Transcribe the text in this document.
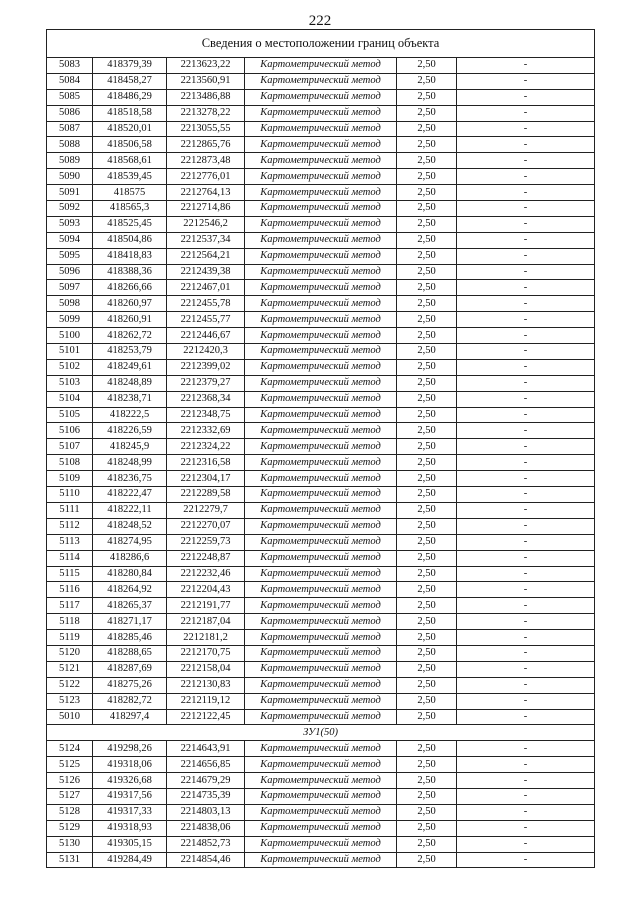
222
Сведения о местоположении границ объекта					
5083	418379,39	2213623,22	Картометрический метод	2,50	-
5084	418458,27	2213560,91	Картометрический метод	2,50	-
5085	418486,29	2213486,88	Картометрический метод	2,50	-
5086	418518,58	2213278,22	Картометрический метод	2,50	-
5087	418520,01	2213055,55	Картометрический метод	2,50	-
5088	418506,58	2212865,76	Картометрический метод	2,50	-
5089	418568,61	2212873,48	Картометрический метод	2,50	-
5090	418539,45	2212776,01	Картометрический метод	2,50	-
5091	418575	2212764,13	Картометрический метод	2,50	-
5092	418565,3	2212714,86	Картометрический метод	2,50	-
5093	418525,45	2212546,2	Картометрический метод	2,50	-
5094	418504,86	2212537,34	Картометрический метод	2,50	-
5095	418418,83	2212564,21	Картометрический метод	2,50	-
5096	418388,36	2212439,38	Картометрический метод	2,50	-
5097	418266,66	2212467,01	Картометрический метод	2,50	-
5098	418260,97	2212455,78	Картометрический метод	2,50	-
5099	418260,91	2212455,77	Картометрический метод	2,50	-
5100	418262,72	2212446,67	Картометрический метод	2,50	-
5101	418253,79	2212420,3	Картометрический метод	2,50	-
5102	418249,61	2212399,02	Картометрический метод	2,50	-
5103	418248,89	2212379,27	Картометрический метод	2,50	-
5104	418238,71	2212368,34	Картометрический метод	2,50	-
5105	418222,5	2212348,75	Картометрический метод	2,50	-
5106	418226,59	2212332,69	Картометрический метод	2,50	-
5107	418245,9	2212324,22	Картометрический метод	2,50	-
5108	418248,99	2212316,58	Картометрический метод	2,50	-
5109	418236,75	2212304,17	Картометрический метод	2,50	-
5110	418222,47	2212289,58	Картометрический метод	2,50	-
5111	418222,11	2212279,7	Картометрический метод	2,50	-
5112	418248,52	2212270,07	Картометрический метод	2,50	-
5113	418274,95	2212259,73	Картометрический метод	2,50	-
5114	418286,6	2212248,87	Картометрический метод	2,50	-
5115	418280,84	2212232,46	Картометрический метод	2,50	-
5116	418264,92	2212204,43	Картометрический метод	2,50	-
5117	418265,37	2212191,77	Картометрический метод	2,50	-
5118	418271,17	2212187,04	Картометрический метод	2,50	-
5119	418285,46	2212181,2	Картометрический метод	2,50	-
5120	418288,65	2212170,75	Картометрический метод	2,50	-
5121	418287,69	2212158,04	Картометрический метод	2,50	-
5122	418275,26	2212130,83	Картометрический метод	2,50	-
5123	418282,72	2212119,12	Картометрический метод	2,50	-
5010	418297,4	2212122,45	Картометрический метод	2,50	-
ЗУ1(50)					
5124	419298,26	2214643,91	Картометрический метод	2,50	-
5125	419318,06	2214656,85	Картометрический метод	2,50	-
5126	419326,68	2214679,29	Картометрический метод	2,50	-
5127	419317,56	2214735,39	Картометрический метод	2,50	-
5128	419317,33	2214803,13	Картометрический метод	2,50	-
5129	419318,93	2214838,06	Картометрический метод	2,50	-
5130	419305,15	2214852,73	Картометрический метод	2,50	-
5131	419284,49	2214854,46	Картометрический метод	2,50	-
